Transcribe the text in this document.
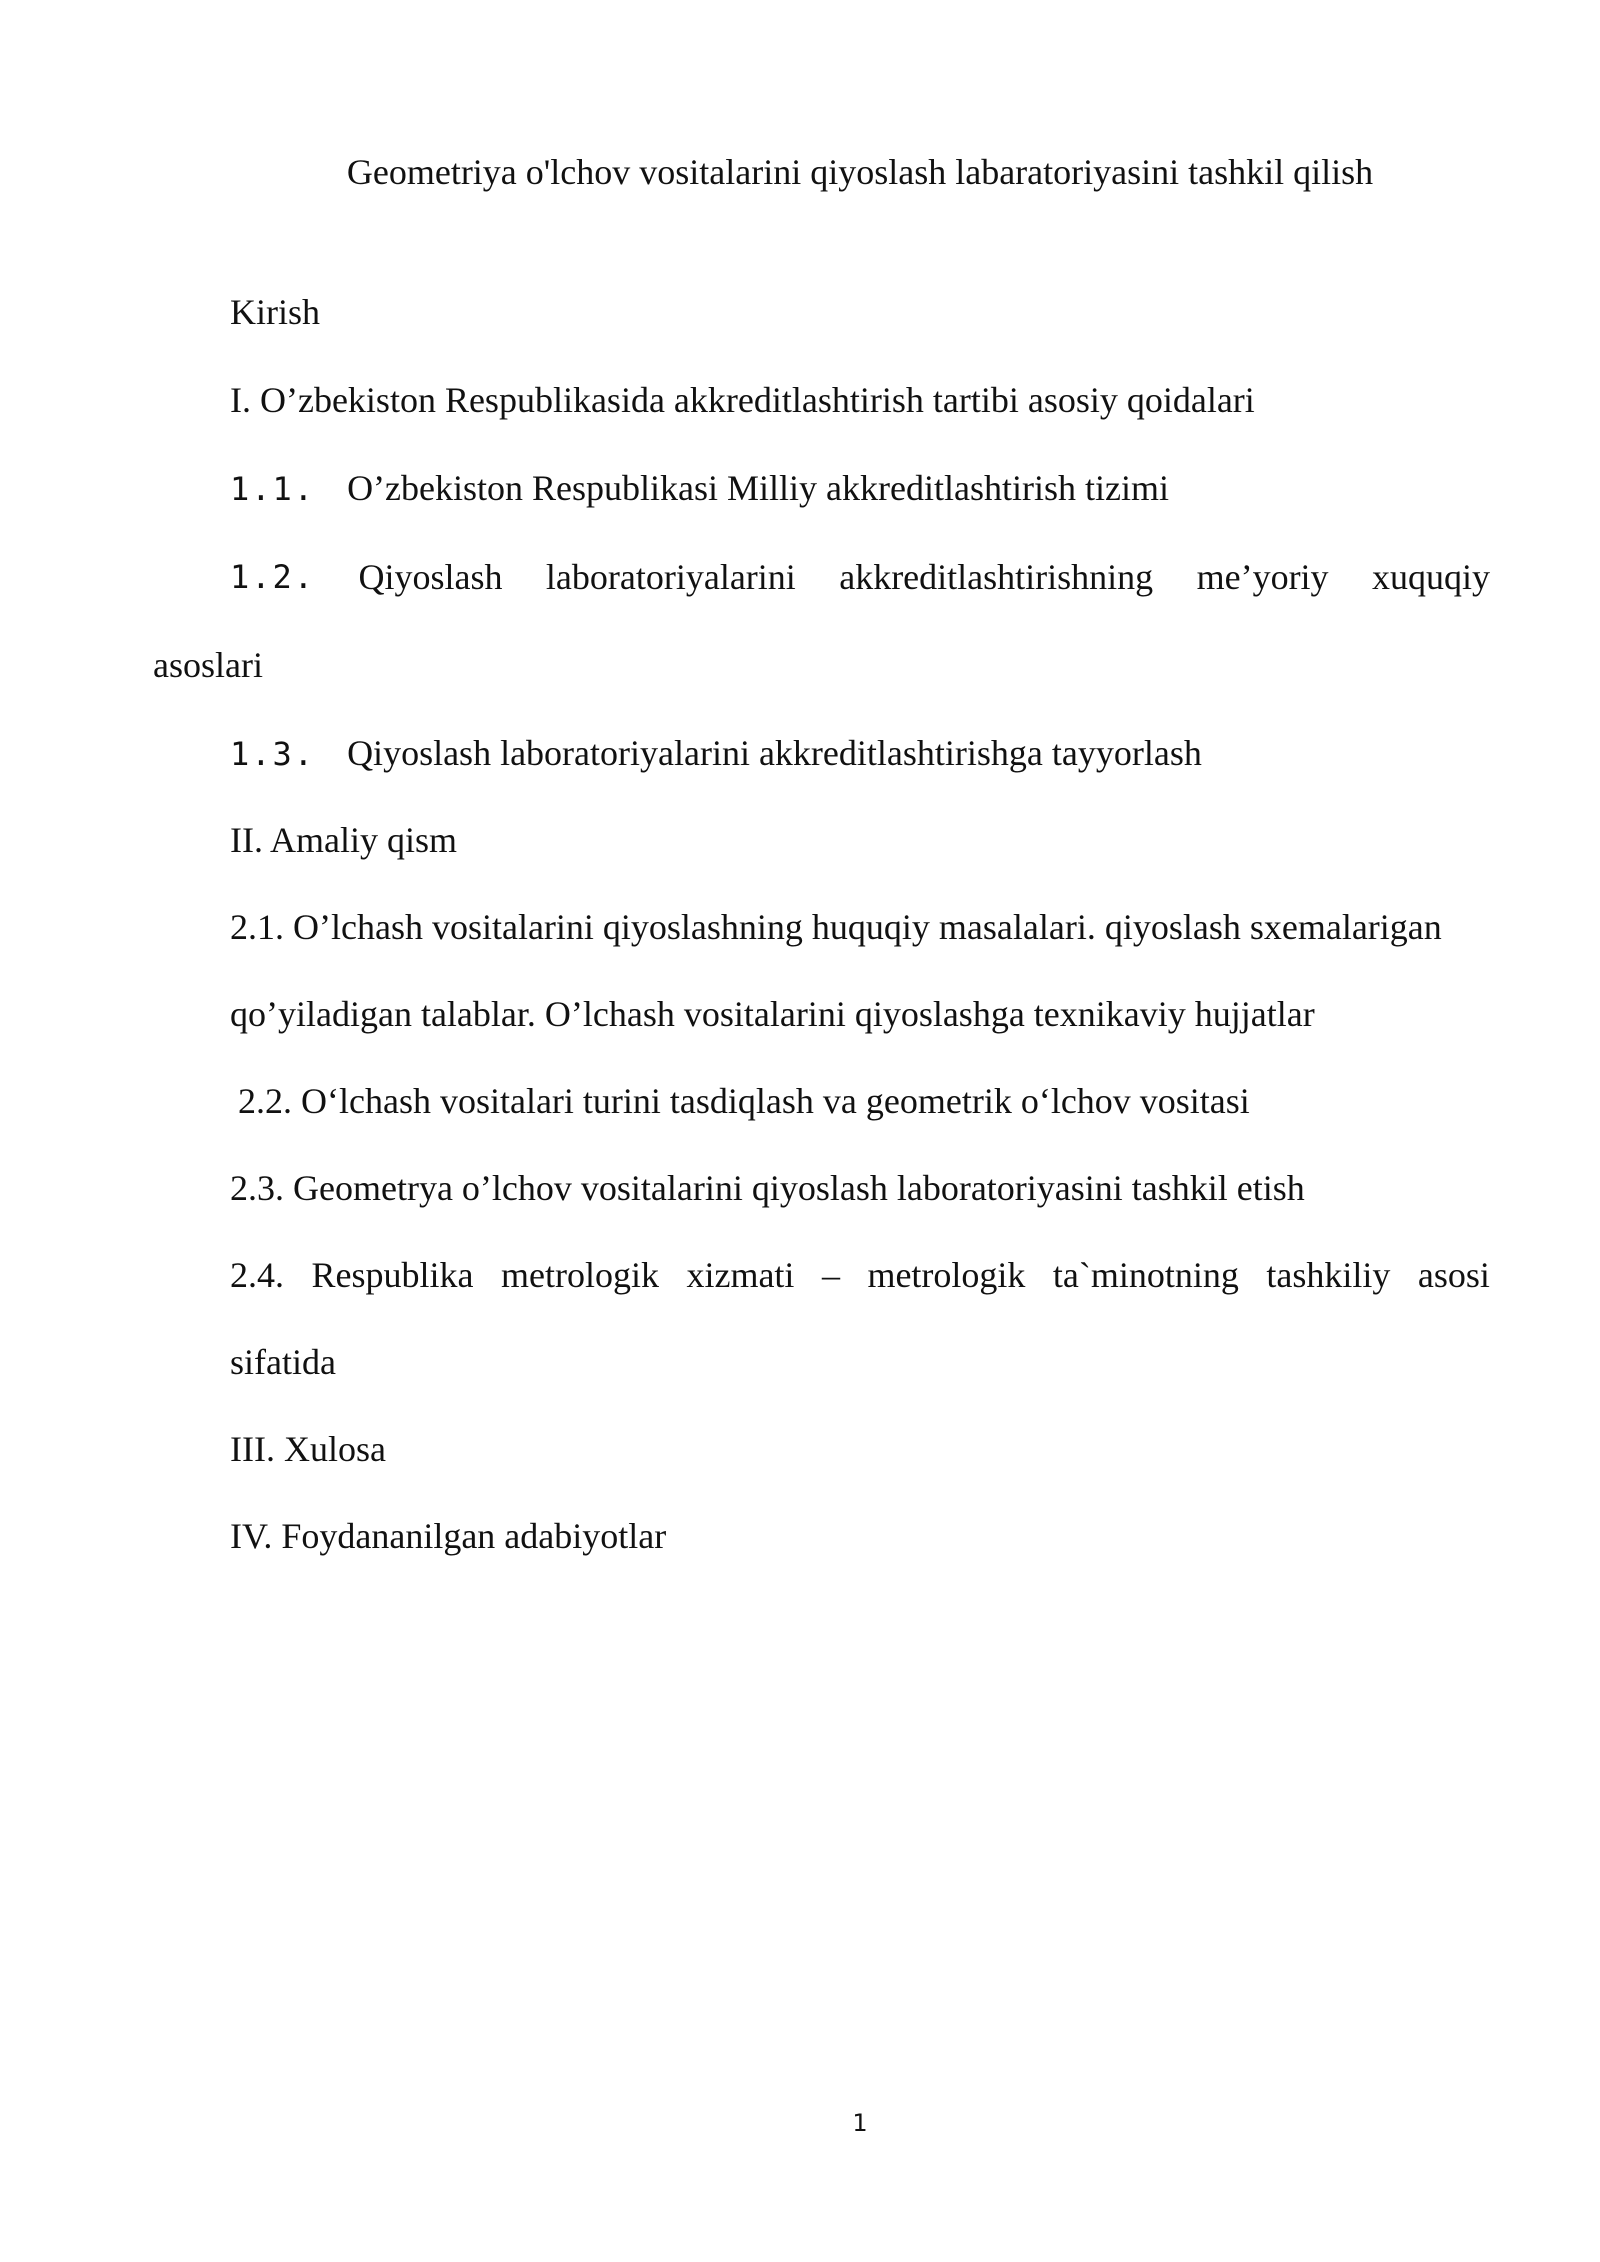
Geometriya o'lchov vositalarini qiyoslash labaratoriyasini tashkil qilish
Kirish
I. O’zbekiston Respublikasida akkreditlashtirish tartibi asosiy qoidalari
1.1. O’zbekiston Respublikasi Milliy akkreditlashtirish tizimi
1.2. Qiyoslash laboratoriyalarini akkreditlashtirishning me’yoriy xuquqiy
asoslari
1.3. Qiyoslash laboratoriyalarini akkreditlashtirishga tayyorlash
II. Amaliy qism
2.1. O’lchash vositalarini qiyoslashning huquqiy masalalari. qiyoslash sxemalarigan
qo’yiladigan talablar. O’lchash vositalarini qiyoslashga texnikaviy hujjatlar
2.2. O‘lchash vositalari turini tasdiqlash va geometrik o‘lchov vositasi
2.3. Geometrya o’lchov vositalarini qiyoslash laboratoriyasini tashkil etish
2.4. Respublika metrologik xizmati – metrologik ta`minotning tashkiliy asosi
sifatida
III. Xulosa
IV. Foydananilgan adabiyotlar
1
